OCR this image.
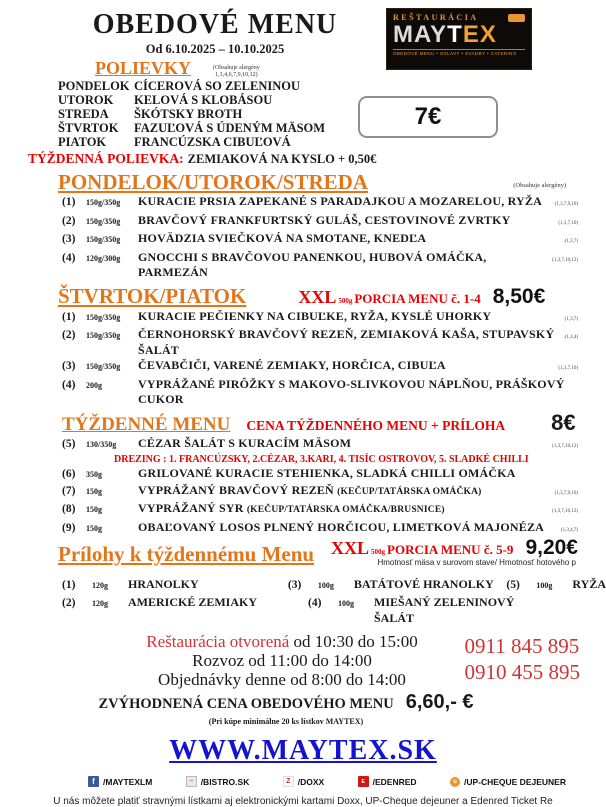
OBEDOVÉ MENU
Od 6.10.2025 – 10.10.2025
REŠTAURÁCIA
MAYTEX
OBEDOVÉ MENU • OSLAVY • SVADBY • CATERING
7€
POLIEVKY	(Obsahuje alergény
1,3,4,6,7,9,10,12)
PONDELOK CÍCEROVÁ SO ZELENINOU
UTOROK	KELOVÁ S KLOBÁSOU
STREDA	ŠKÓTSKY BROTH
ŠTVRTOK	FAZUĽOVÁ S ÚDENÝM MÄSOM
PIATOK	FRANCÚZSKA CIBUĽOVÁ
TÝŽDENNÁ POLIEVKA: ZEMIAKOVÁ NA KYSLO + 0,50€
PONDELOK/UTOROK/STREDA	(Obsahuje alergény)
(1)	150g/350g	KURACIE PRSIA ZAPEKANÉ S PARADAJKOU A MOZARELOU, RYŽA	(1,3,7,9,10)
(2)	150g/350g	BRAVČOVÝ FRANKFURTSKÝ GULÁŠ, CESTOVINOVÉ ZVRTKY	(1,3,7,10)
(3)	150g/350g	HOVÄDZIA SVIEČKOVÁ NA SMOTANE, KNEDĽA	(1,3,7)
(4)	120g/300g	GNOCCHI S BRAVČOVOU PANENKOU, HUBOVÁ OMÁČKA, PARMEZÁN
(1,3,7,10,12)
ŠTVRTOK/PIATOK	XXL 500g PORCIA MENU č. 1-4 8,50€
(1)	150g/350g	KURACIE PEČIENKY NA CIBUĽKE, RYŽA, KYSLÉ UHORKY	(1,3,7)
(2)	150g/350g	ČERNOHORSKÝ BRAVČOVÝ REZEŇ, ZEMIAKOVÁ KAŠA, STUPAVSKÝ ŠALÁT
(1,3,4)
(3)	150g/350g	ČEVABČIČI, VARENÉ ZEMIAKY, HORČICA, CIBUĽA	(1,3,7,10)
(4)	200g	VYPRÁŽANÉ PIRÔŽKY S MAKOVO-SLIVKOVOU NÁPLŇOU, PRÁŠKOVÝ CUKOR
TÝŽDENNÉ MENU CENA TÝŽDENNÉHO MENU + PRÍLOHA 8€
(5)	130/350g	CÉZAR ŠALÁT S KURACÍM MÄSOM	(1,3,7,10,12)
DREZING : 1. FRANCÚZSKY, 2.CÉZAR, 3.KARI, 4. TISÍC OSTROVOV, 5. SLADKÉ CHILLI
(6)	350g	GRILOVANÉ KURACIE STEHIENKA, SLADKÁ CHILLI OMÁČKA
(7)	150g	VYPRÁŽANÝ BRAVČOVÝ REZEŇ (KEČUP/TATÁRSKA OMÁČKA)	(1,3,7,9,10)
(8)	150g	VYPRÁŽANÝ SYR (KEČUP/TATÁRSKA OMÁČKA/BRUSNICE)	(1,3,7,10,12)
(9)	150g	OBAĽOVANÝ LOSOS PLNENÝ HORČICOU, LIMETKOVÁ MAJONÉZA	(1,3,4,7)
Prílohy k týždennému Menu XXL 500g PORCIA MENU č. 5-9 9,20€
Hmotnosť mäsa v surovom stave/ Hmotnosť hotového p
(1)	120g	HRANOLKY	(3)	100g	BATÁTOVÉ HRANOLKY (5)	100g	RYŽA
(2)	120g	AMERICKÉ ZEMIAKY	(4)	100g	MIEŠANÝ ZELENINOVÝ ŠALÁT
Reštaurácia otvorená od 10:30 do 15:00
Rozvoz od 11:00 do 14:00
Objednávky denne od 8:00 do 14:00
0911 845 895
0910 455 895
ZVÝHODNENÁ CENA OBEDOVÉHO MENU 6,60,- €
(Pri kúpe minimálne 20 ks lístkov MAYTEX)
WWW.MAYTEX.SK
f
/MAYTEXLM ~	/BISTRO.SK Z	/DOXX E	/EDENRED u	/UP-CHEQUE DEJEUNER
U nás môžete platiť stravnými lístkami aj elektronickými kartami Doxx, UP-Cheque dejeuner a Edenred Ticket Re
